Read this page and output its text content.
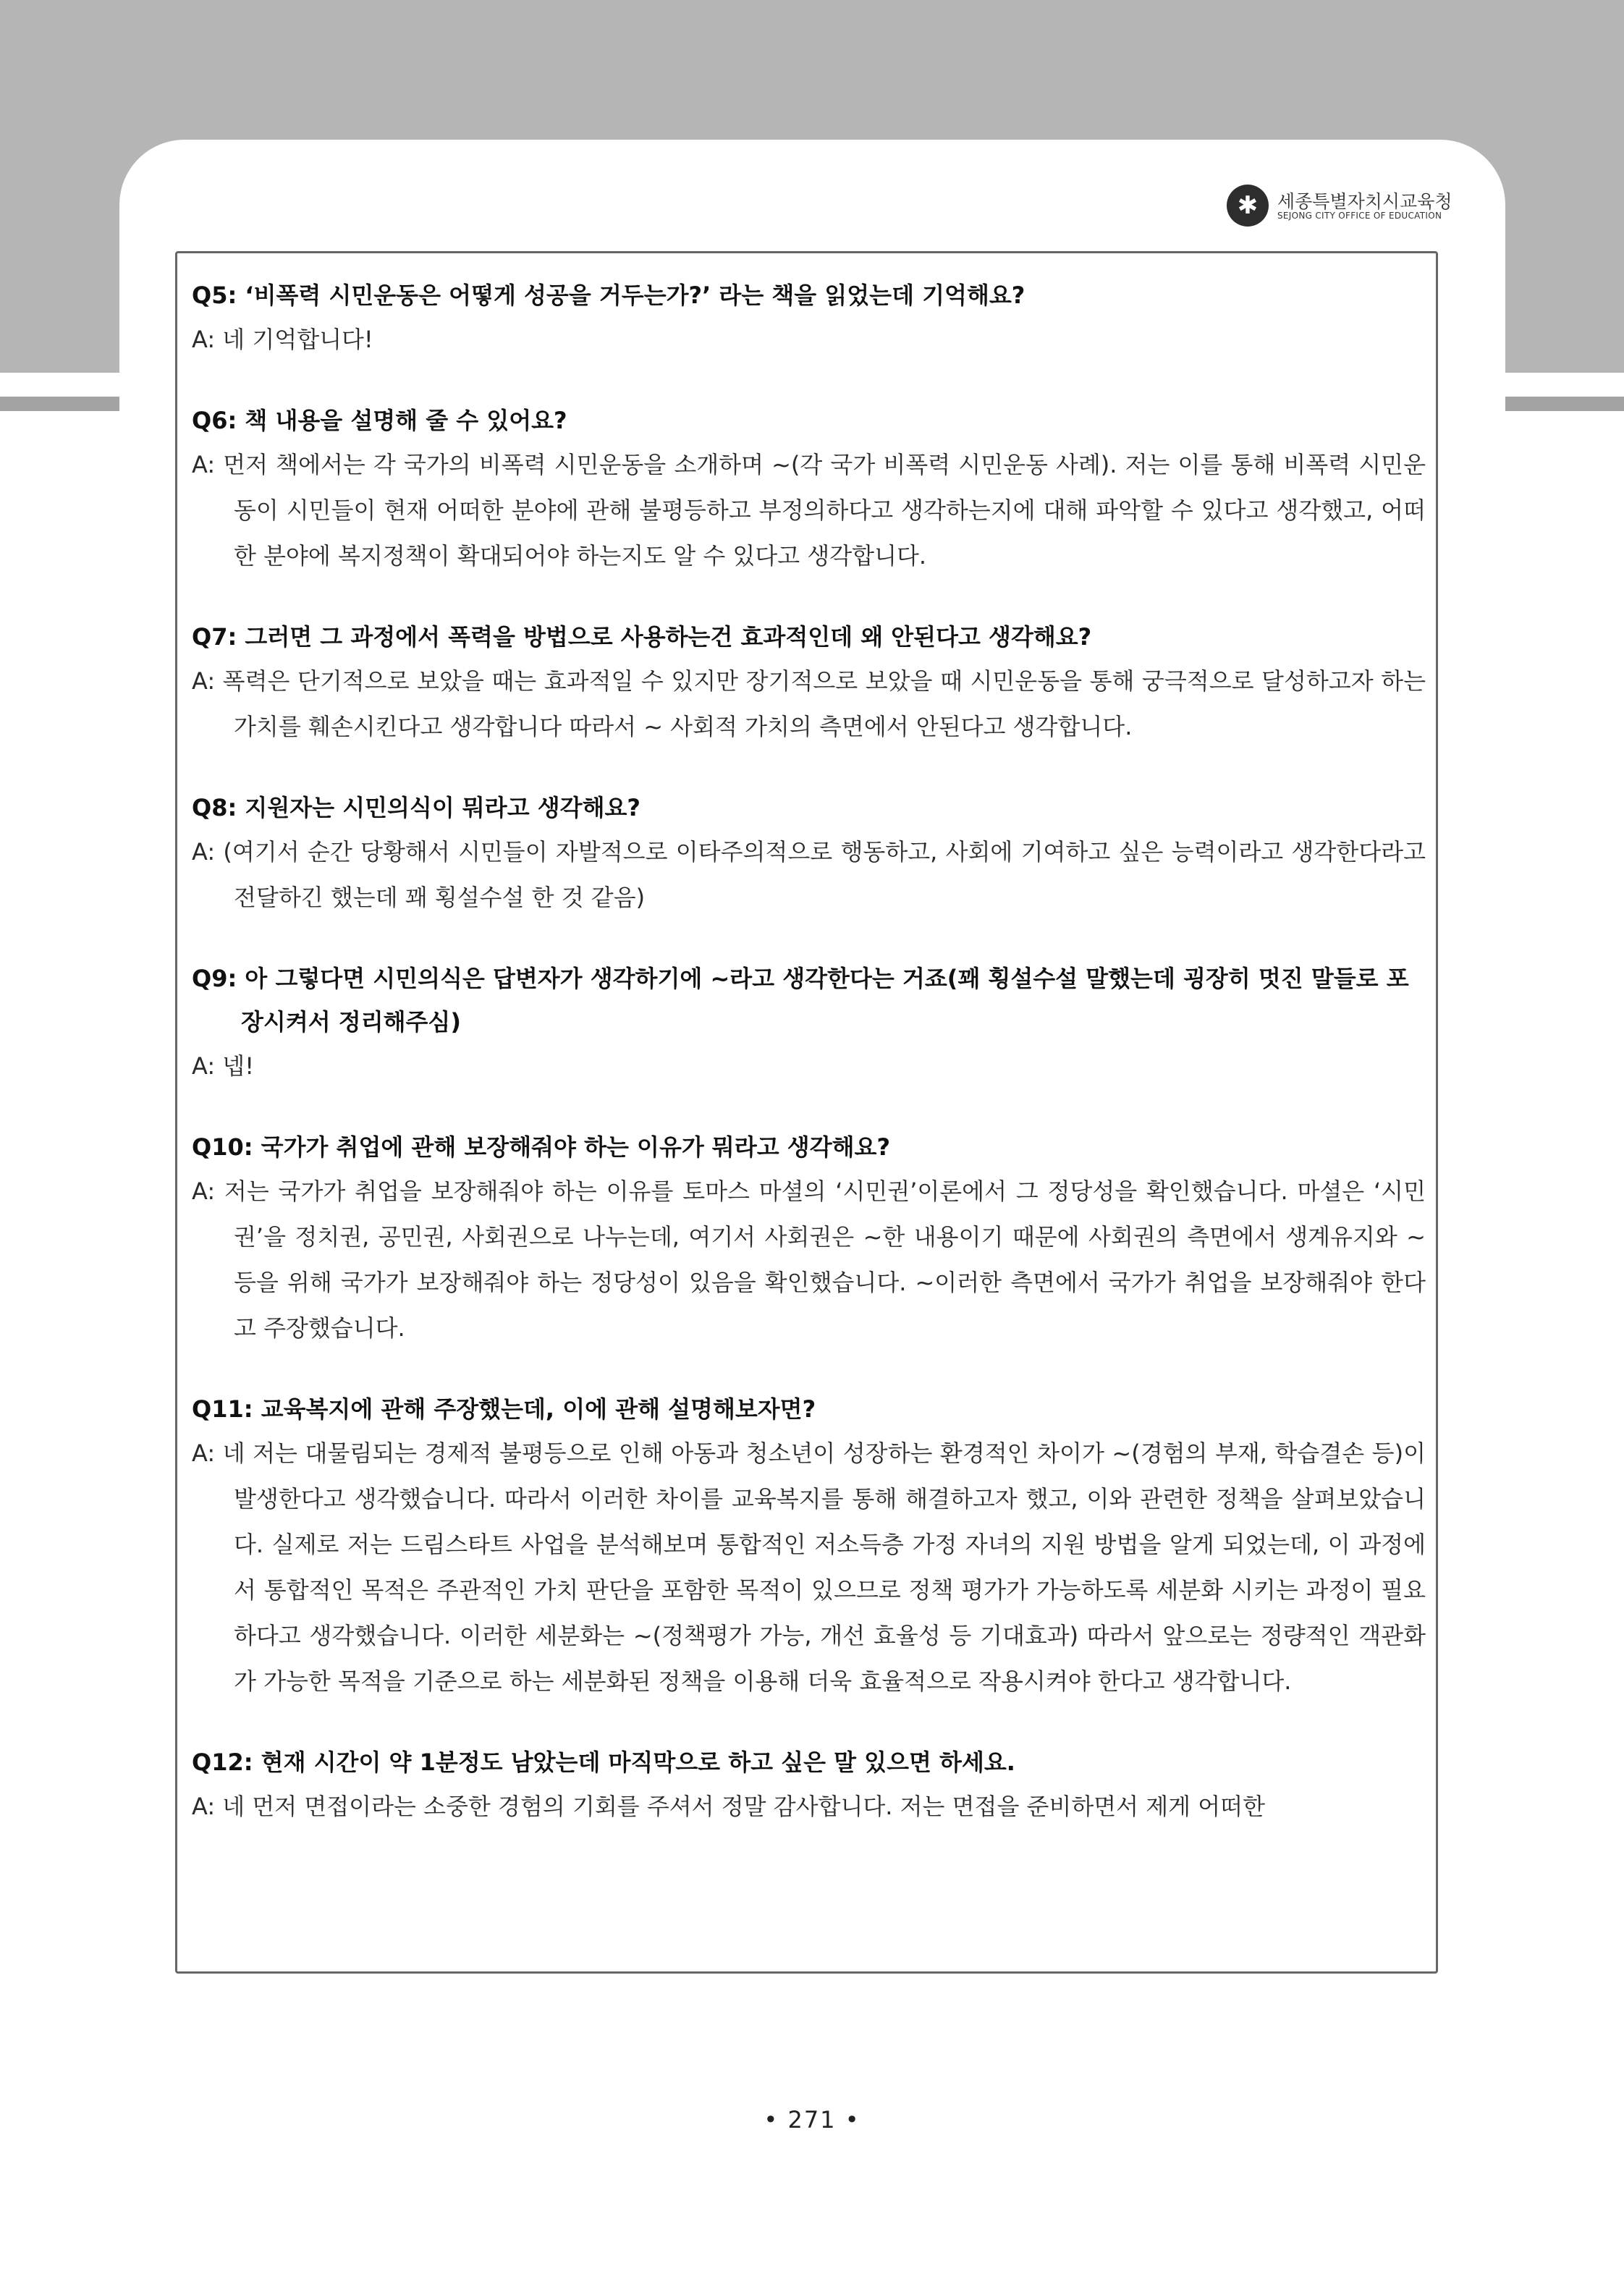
✱	세종특별자치시교육청
SEJONG CITY OFFICE OF EDUCATION
Q5: ‘비폭력 시민운동은 어떻게 성공을 거두는가?’ 라는 책을 읽었는데 기억해요?
A: 네 기억합니다!
Q6: 책 내용을 설명해 줄 수 있어요?
A: 먼저 책에서는 각 국가의 비폭력 시민운동을 소개하며 ~(각 국가 비폭력 시민운동 사례). 저는 이를 통해 비폭력 시민운동이 시민들이 현재 어떠한 분야에 관해 불평등하고 부정의하다고 생각하는지에 대해 파악할 수 있다고 생각했고, 어떠한 분야에 복지정책이 확대되어야 하는지도 알 수 있다고 생각합니다.
Q7: 그러면 그 과정에서 폭력을 방법으로 사용하는건 효과적인데 왜 안된다고 생각해요?
A: 폭력은 단기적으로 보았을 때는 효과적일 수 있지만 장기적으로 보았을 때 시민운동을 통해 궁극적으로 달성하고자 하는 가치를 훼손시킨다고 생각합니다 따라서 ~ 사회적 가치의 측면에서 안된다고 생각합니다.
Q8: 지원자는 시민의식이 뭐라고 생각해요?
A: (여기서 순간 당황해서 시민들이 자발적으로 이타주의적으로 행동하고, 사회에 기여하고 싶은 능력이라고 생각한다라고 전달하긴 했는데 꽤 횡설수설 한 것 같음)
Q9: 아 그렇다면 시민의식은 답변자가 생각하기에 ~라고 생각한다는 거죠(꽤 횡설수설 말했는데 굉장히 멋진 말들로 포장시켜서 정리해주심)
A: 넵!
Q10: 국가가 취업에 관해 보장해줘야 하는 이유가 뭐라고 생각해요?
A: 저는 국가가 취업을 보장해줘야 하는 이유를 토마스 마셜의 ‘시민권’이론에서 그 정당성을 확인했습니다. 마셜은 ‘시민권’을 정치권, 공민권, 사회권으로 나누는데, 여기서 사회권은 ~한 내용이기 때문에 사회권의 측면에서 생계유지와 ~ 등을 위해 국가가 보장해줘야 하는 정당성이 있음을 확인했습니다. ~이러한 측면에서 국가가 취업을 보장해줘야 한다고 주장했습니다.
Q11: 교육복지에 관해 주장했는데, 이에 관해 설명해보자면?
A: 네 저는 대물림되는 경제적 불평등으로 인해 아동과 청소년이 성장하는 환경적인 차이가 ~(경험의 부재, 학습결손 등)이 발생한다고 생각했습니다. 따라서 이러한 차이를 교육복지를 통해 해결하고자 했고, 이와 관련한 정책을 살펴보았습니다. 실제로 저는 드림스타트 사업을 분석해보며 통합적인 저소득층 가정 자녀의 지원 방법을 알게 되었는데, 이 과정에서 통합적인 목적은 주관적인 가치 판단을 포함한 목적이 있으므로 정책 평가가 가능하도록 세분화 시키는 과정이 필요하다고 생각했습니다. 이러한 세분화는 ~(정책평가 가능, 개선 효율성 등 기대효과) 따라서 앞으로는 정량적인 객관화가 가능한 목적을 기준으로 하는 세분화된 정책을 이용해 더욱 효율적으로 작용시켜야 한다고 생각합니다.
Q12: 현재 시간이 약 1분정도 남았는데 마직막으로 하고 싶은 말 있으면 하세요.
A: 네 먼저 면접이라는 소중한 경험의 기회를 주셔서 정말 감사합니다. 저는 면접을 준비하면서 제게 어떠한
• 271 •
